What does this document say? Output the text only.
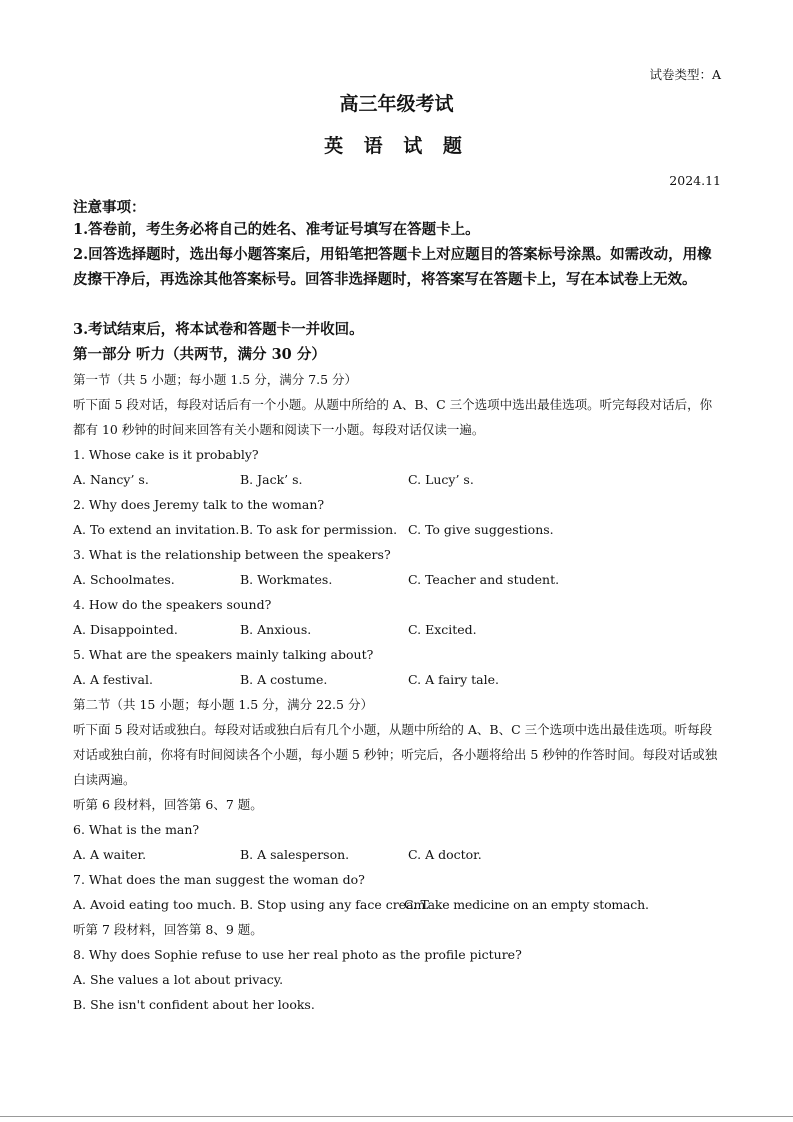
试卷类型：A
高三年级考试
英 语 试 题
2024.11
注意事项：
1.答卷前，考生务必将自己的姓名、准考证号填写在答题卡上。
2.回答选择题时，选出每小题答案后，用铅笔把答题卡上对应题目的答案标号涂黑。如需改动，用橡皮擦干净后，再选涂其他答案标号。回答非选择题时，将答案写在答题卡上，写在本试卷上无效。
3.考试结束后，将本试卷和答题卡一并收回。
第一部分 听力（共两节，满分 30 分）
第一节（共 5 小题；每小题 1.5 分，满分 7.5 分）
听下面 5 段对话，每段对话后有一个小题。从题中所给的 A、B、C 三个选项中选出最佳选项。听完每段对话后，你都有 10 秒钟的时间来回答有关小题和阅读下一小题。每段对话仅读一遍。
1. Whose cake is it probably?
A. Nancy’ s.	B. Jack’ s.	C. Lucy’ s.
2. Why does Jeremy talk to the woman?
A. To extend an invitation. B. To ask for permission. C. To give suggestions.
3. What is the relationship between the speakers?
A. Schoolmates.	B. Workmates.	C. Teacher and student.
4. How do the speakers sound?
A. Disappointed.	B. Anxious.	C. Excited.
5. What are the speakers mainly talking about?
A. A festival.	B. A costume.	C. A fairy tale.
第二节（共 15 小题；每小题 1.5 分，满分 22.5 分）
听下面 5 段对话或独白。每段对话或独白后有几个小题，从题中所给的 A、B、C 三个选项中选出最佳选项。听每段对话或独白前，你将有时间阅读各个小题，每小题 5 秒钟；听完后，各小题将给出 5 秒钟的作答时间。每段对话或独白读两遍。
听第 6 段材料，回答第 6、7 题。
6. What is the man?
A. A waiter.	B. A salesperson.	C. A doctor.
7. What does the man suggest the woman do?
A. Avoid eating too much. B. Stop using any face cream.
C. Take medicine on an empty stomach.
听第 7 段材料，回答第 8、9 题。
8. Why does Sophie refuse to use her real photo as the profile picture?
A. She values a lot about privacy.
B. She isn't confident about her looks.
